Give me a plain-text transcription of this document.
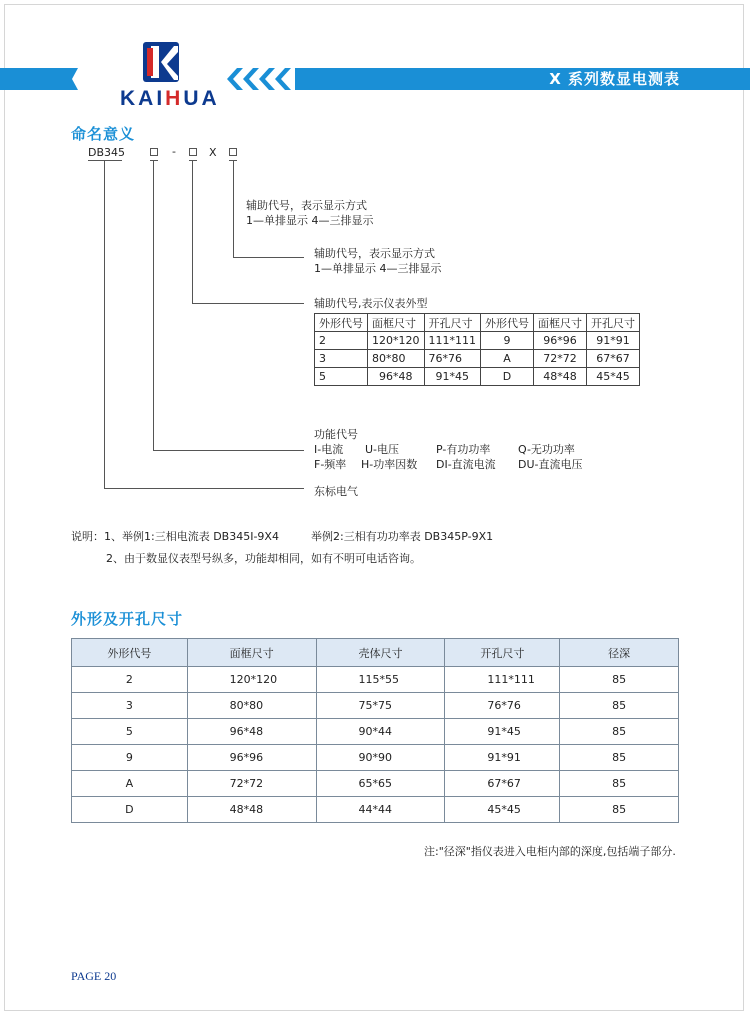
X 系列数显电测表
KAIHUA
命名意义
DB345	-	X
辅助代号，表示显示方式
1—单排显示 4—三排显示
辅助代号，表示显示方式
1—单排显示 4—三排显示
辅助代号,表示仪表外型
外形代号	面框尺寸	开孔尺寸	外形代号	面框尺寸	开孔尺寸
2	120*120	111*111	9	96*96	91*91
3	80*80	76*76	A	72*72	67*67
5	96*48	91*45	D	48*48	45*45
功能代号
I-电流 U-电压	P-有功功率	Q-无功功率
F-频率 H-功率因数 DI-直流电流 DU-直流电压
东标电气
说明：1、举例1:三相电流表 DB345I-9X4	举例2:三相有功功率表 DB345P-9X1
2、由于数显仪表型号纵多，功能却相同，如有不明可电话咨询。
外形及开孔尺寸
外形代号	面框尺寸	壳体尺寸	开孔尺寸	径深
2	120*120	115*55	111*111	85
3	80*80	75*75	76*76	85
5	96*48	90*44	91*45	85
9	96*96	90*90	91*91	85
A	72*72	65*65	67*67	85
D	48*48	44*44	45*45	85
注:"径深"指仪表进入电柜内部的深度,包括端子部分.
PAGE 20
